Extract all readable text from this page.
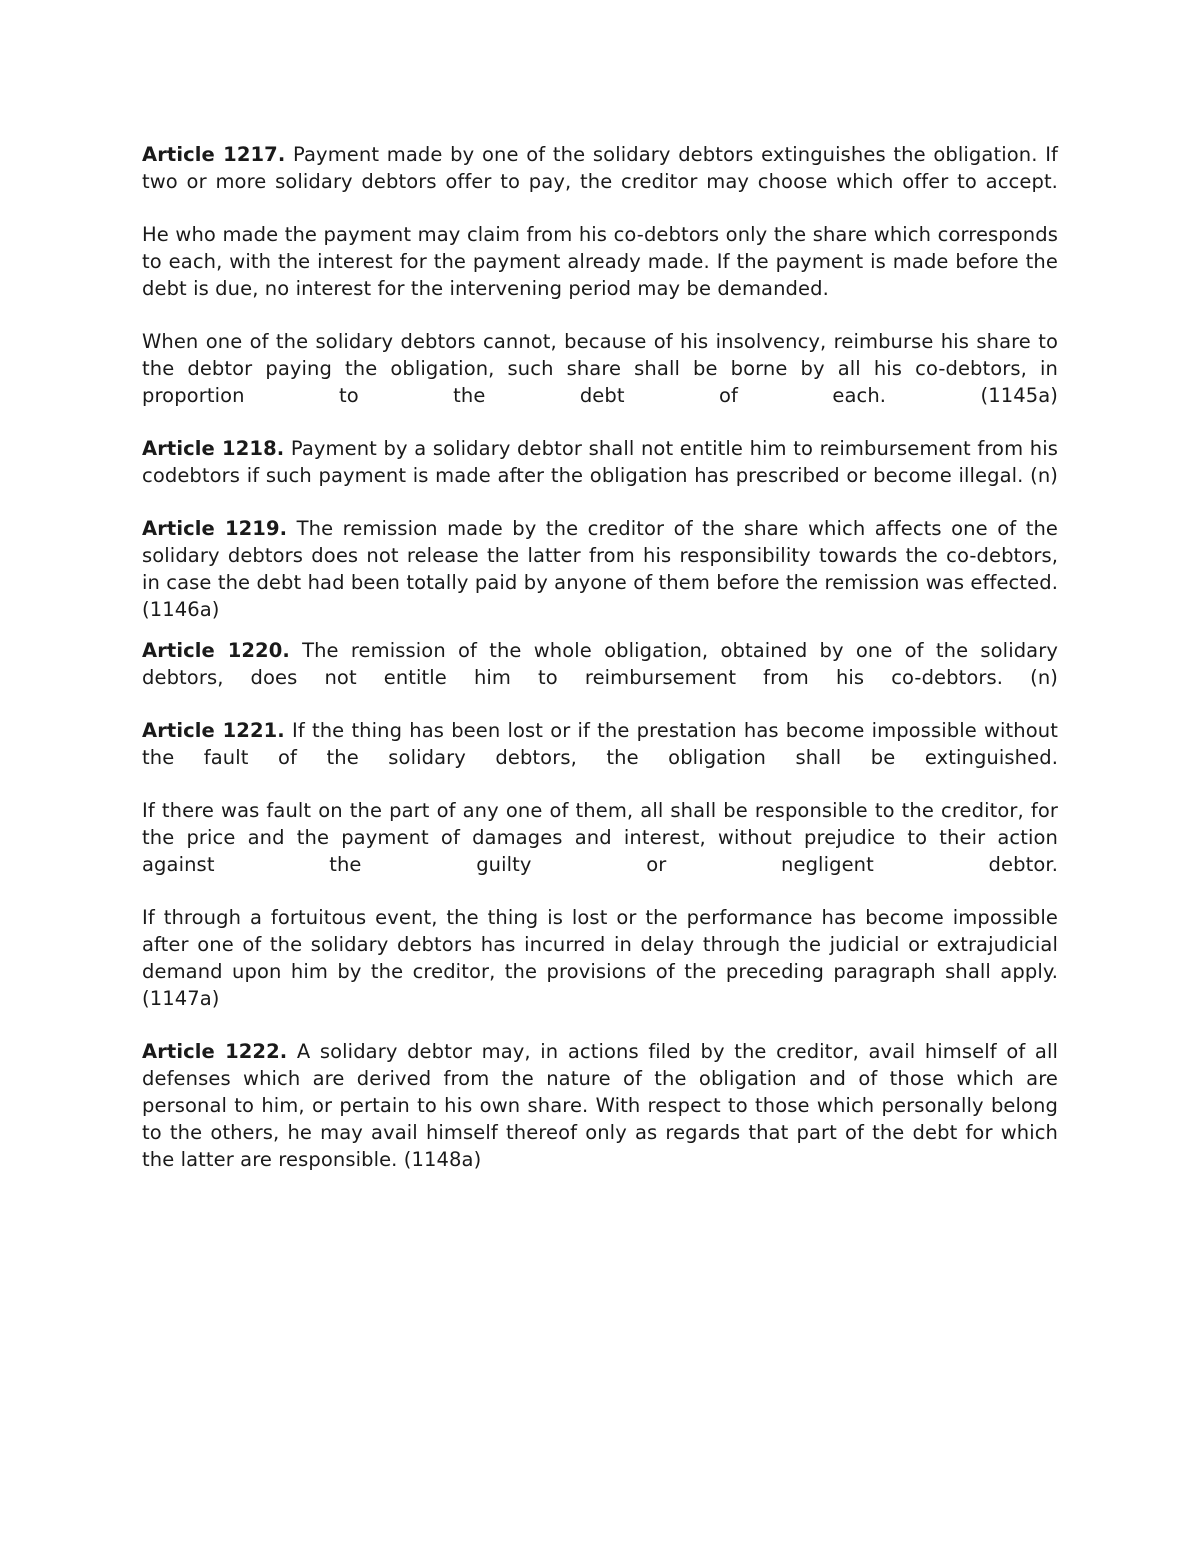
Article 1217. Payment made by one of the solidary debtors extinguishes the obligation. If two or more solidary debtors offer to pay, the creditor may choose which offer to accept.

He who made the payment may claim from his co-debtors only the share which corresponds to each, with the interest for the payment already made. If the payment is made before the debt is due, no interest for the intervening period may be demanded.

When one of the solidary debtors cannot, because of his insolvency, reimburse his share to the debtor paying the obligation, such share shall be borne by all his co-debtors, in proportion to the debt of each. (1145a)

Article 1218. Payment by a solidary debtor shall not entitle him to reimbursement from his codebtors if such payment is made after the obligation has prescribed or become illegal. (n)

Article 1219. The remission made by the creditor of the share which affects one of the solidary debtors does not release the latter from his responsibility towards the co-debtors, in case the debt had been totally paid by anyone of them before the remission was effected. (1146a)

Article 1220. The remission of the whole obligation, obtained by one of the solidary debtors, does not entitle him to reimbursement from his co-debtors. (n)

Article 1221. If the thing has been lost or if the prestation has become impossible without the fault of the solidary debtors, the obligation shall be extinguished.

If there was fault on the part of any one of them, all shall be responsible to the creditor, for the price and the payment of damages and interest, without prejudice to their action against the guilty or negligent debtor.

If through a fortuitous event, the thing is lost or the performance has become impossible after one of the solidary debtors has incurred in delay through the judicial or extrajudicial demand upon him by the creditor, the provisions of the preceding paragraph shall apply. (1147a)

Article 1222. A solidary debtor may, in actions filed by the creditor, avail himself of all defenses which are derived from the nature of the obligation and of those which are personal to him, or pertain to his own share. With respect to those which personally belong to the others, he may avail himself thereof only as regards that part of the debt for which the latter are responsible. (1148a)
